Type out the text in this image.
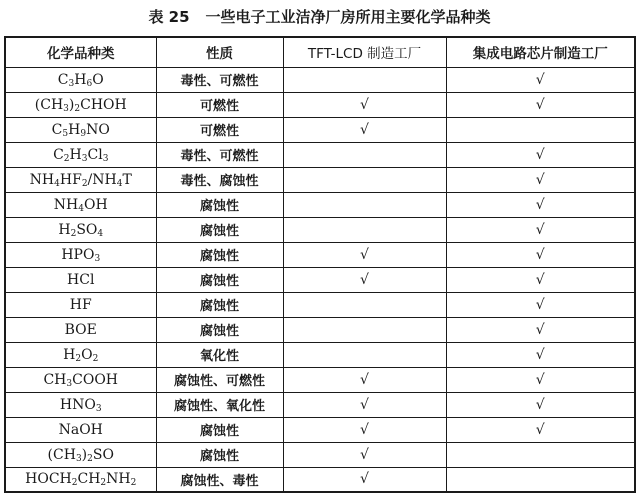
表 25 一些电子工业洁净厂房所用主要化学品种类
化学品种类	性质	TFT-LCD 制造工厂	集成电路芯片制造工厂
$C_3H_6O$	毒性、可燃性		√
$(CH_3)_2CHOH$	可燃性	√	√
$C_5H_9NO$	可燃性	√	
$C_2H_3Cl_3$	毒性、可燃性		√
$NH_4HF_2/NH_4T$	毒性、腐蚀性		√
$NH_4OH$	腐蚀性		√
$H_2SO_4$	腐蚀性		√
$HPO_3$	腐蚀性	√	√
HCl	腐蚀性	√	√
HF	腐蚀性		√
BOE	腐蚀性		√
$H_2O_2$	氧化性		√
$CH_3COOH$	腐蚀性、可燃性	√	√
$HNO_3$	腐蚀性、氧化性	√	√
NaOH	腐蚀性	√	√
$(CH_3)_2SO$	腐蚀性	√	
$HOCH_2CH_2NH_2$	腐蚀性、毒性	√	
